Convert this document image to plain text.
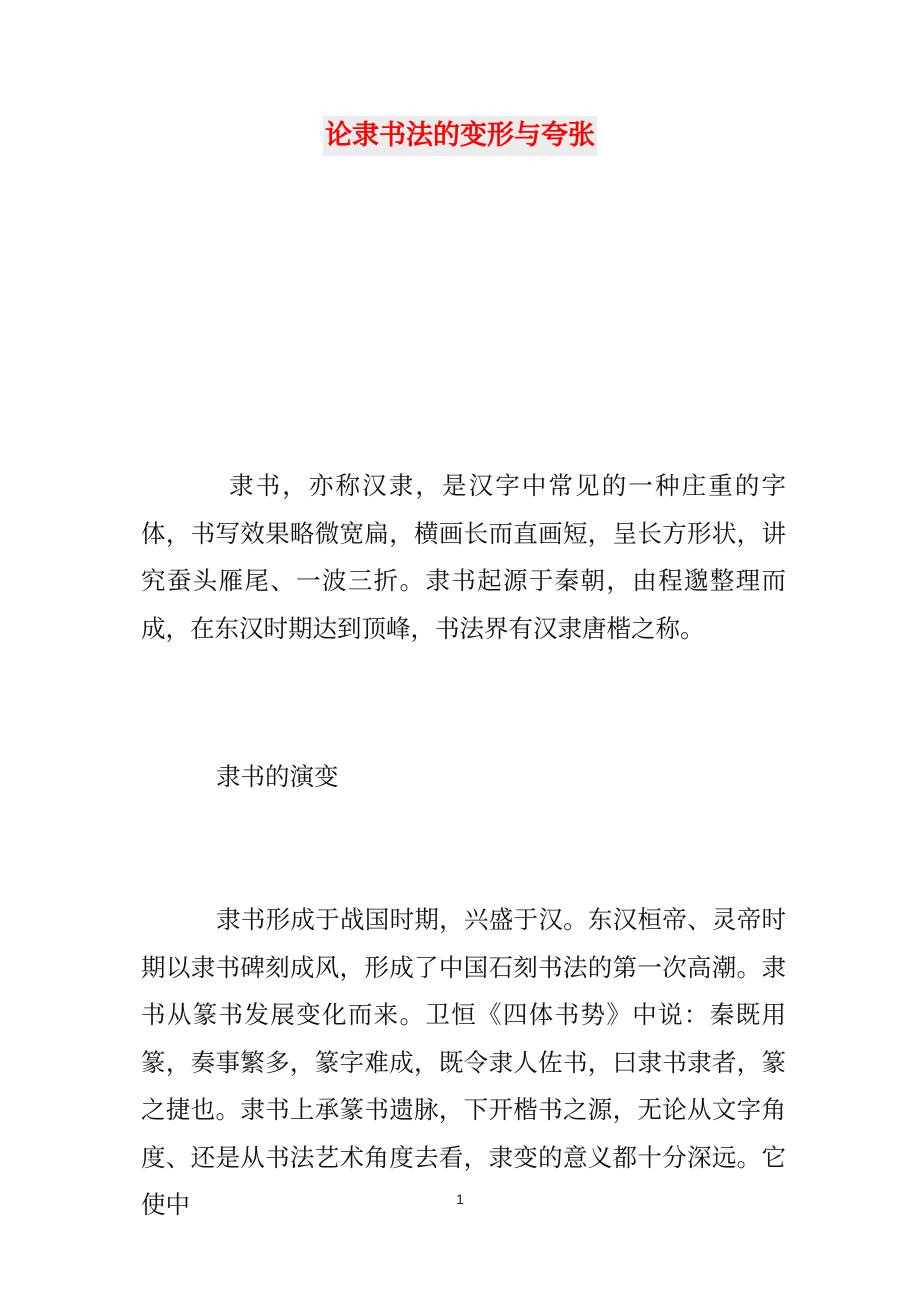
论隶书法的变形与夸张

隶书，亦称汉隶，是汉字中常见的一种庄重的字体，书写效果略微宽扁，横画长而直画短，呈长方形状，讲究蚕头雁尾、一波三折。隶书起源于秦朝，由程邈整理而成，在东汉时期达到顶峰，书法界有汉隶唐楷之称。

隶书的演变

隶书形成于战国时期，兴盛于汉。东汉桓帝、灵帝时期以隶书碑刻成风，形成了中国石刻书法的第一次高潮。隶书从篆书发展变化而来。卫恒《四体书势》中说：秦既用篆，奏事繁多，篆字难成，既令隶人佐书，曰隶书隶者，篆之捷也。隶书上承篆书遗脉，下开楷书之源，无论从文字角度、还是从书法艺术角度去看，隶变的意义都十分深远。它使中	1
